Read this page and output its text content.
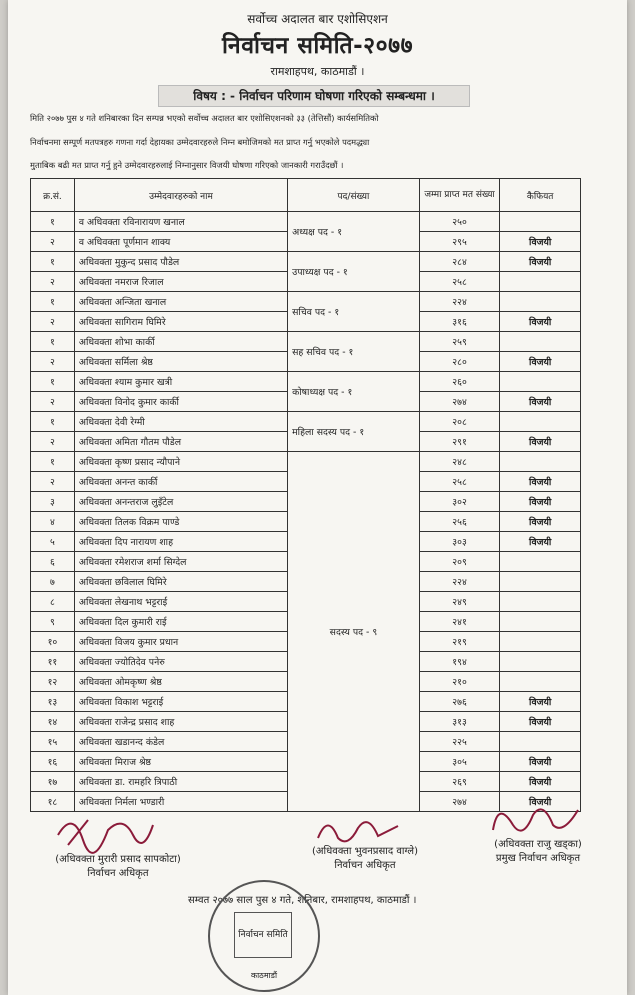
सर्वोच्च अदालत बार एशोसिएशन
निर्वाचन समिति-२०७७
रामशाहपथ, काठमाडौं ।
विषय : - निर्वाचन परिणाम घोषणा गरिएको सम्बन्धमा ।
मिति २०७७ पुस ४ गते शनिबारका दिन सम्पन्न भएको सर्वोच्च अदालत बार एशोसिएशनको ३३ (तेत्तिसौं) कार्यसमितिको
निर्वाचनमा सम्पूर्ण मतपत्रहरु गणना गर्दा देहायका उम्मेदवारहरुले निम्न बमोजिमको मत प्राप्त गर्नु भएकोले पदमद्ध्या
मुताबिक बढी मत प्राप्त गर्नु हुने उम्मेदवारहरुलाई निम्नानुसार विजयी घोषणा गरिएको जानकारी गराउँदछौं ।
क्र.सं.	उम्मेदवारहरुको नाम	पद/संख्या	जम्मा प्राप्त मत संख्या	कैफियत
१	व अधिवक्ता रविनारायण खनाल	अध्यक्ष पद - १	२५०	
२	व अधिवक्ता पूर्णमान शाक्य		२९५	विजयी
१	अधिवक्ता मुकुन्द प्रसाद पौडेल	उपाध्यक्ष पद - १	२८४	विजयी
२	अधिवक्ता नमराज रिजाल		२५८	
१	अधिवक्ता अन्जिता खनाल	सचिव पद - १	२२४	
२	अधिवक्ता सागिराम घिमिरे		३१६	विजयी
१	अधिवक्ता शोभा कार्की	सह सचिव पद - १	२५९	
२	अधिवक्ता सर्मिला श्रेष्ठ		२८०	विजयी
१	अधिवक्ता श्याम कुमार खत्री	कोषाध्यक्ष पद - १	२६०	
२	अधिवक्ता विनोद कुमार कार्की		२७४	विजयी
१	अधिवक्ता देवी रेग्मी	महिला सदस्य पद - १	२०८	
२	अधिवक्ता अमिता गौतम पौडेल		२९१	विजयी
१	अधिवक्ता कृष्ण प्रसाद न्यौपाने	सदस्य पद - ९	२४८	
२	अधिवक्ता अनन्त कार्की		२५८	विजयी
३	अधिवक्ता अनन्तराज लुइँटेल		३०२	विजयी
४	अधिवक्ता तिलक विक्रम पाण्डे		२५६	विजयी
५	अधिवक्ता दिप नारायण शाह		३०३	विजयी
६	अधिवक्ता रमेशराज शर्मा सिग्देल		२०९	
७	अधिवक्ता छविलाल घिमिरे		२२४	
८	अधिवक्ता लेखनाथ भट्टराई		२४९	
९	अधिवक्ता दिल कुमारी राई		२४१	
१०	अधिवक्ता विजय कुमार प्रधान		२१९	
११	अधिवक्ता ज्योतिदेव पनेरु		१९४	
१२	अधिवक्ता ओमकृष्ण श्रेष्ठ		२१०	
१३	अधिवक्ता विकाश भट्टराई		२७६	विजयी
१४	अधिवक्ता राजेन्द्र प्रसाद शाह		३१३	विजयी
१५	अधिवक्ता खडानन्द कंडेल		२२५	
१६	अधिवक्ता मिराज श्रेष्ठ		३०५	विजयी
१७	अधिवक्ता डा. रामहरि त्रिपाठी		२६९	विजयी
१८	अधिवक्ता निर्मला भण्डारी		२७४	विजयी
(अधिवक्ता मुरारी प्रसाद सापकोटा)
निर्वाचन अधिकृत
(अधिवक्ता भुवनप्रसाद वाग्ले)
निर्वाचन अधिकृत
(अधिवक्ता राजु खड्का)
प्रमुख निर्वाचन अधिकृत
सम्वत २०७७ साल पुस ४ गते, शनिबार, रामशाहपथ, काठमाडौं ।
निर्वाचन समिति
काठमाडौं
